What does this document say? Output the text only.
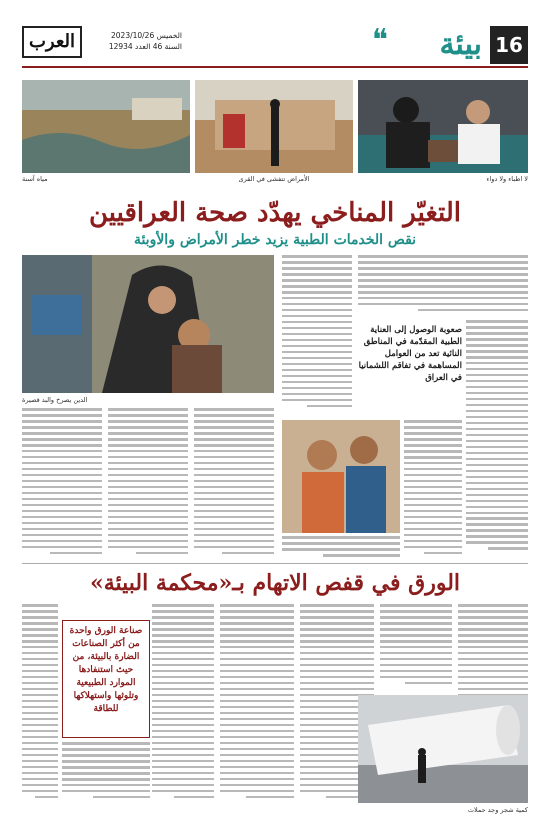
16
بيئة
❝
العرب	الخميس 2023/10/26
السنة 46 العدد 12934
لا اطباء ولا دواء
الأمراض تتفشى في القرى
مياه آسنة
التغيّر المناخي يهدّد صحة العراقيين
نقص الخدمات الطبية يزيد خطر الأمراض والأوبئة
صعوبة الوصول إلى العناية الطبية المقدّمة في المناطق النائية تعد من العوامل المساهمة في تفاقم اللشمانيا في العراق
الدين يصرخ والبد قصيرة
الورق في قفص الاتهام بـ«محكمة البيئة»
صناعة الورق واحدة من أكثر الصناعات الضارة بالبيئة، من حيث استنفادها الموارد الطبيعية وتلوثها واستهلاكها للطاقة
كمية شجر وجد حملات
